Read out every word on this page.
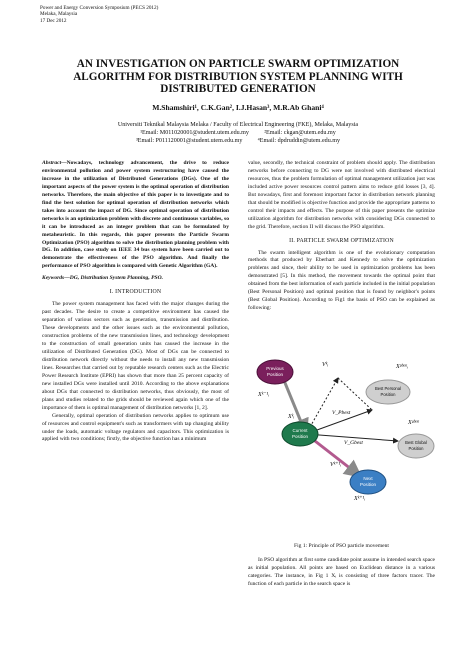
Power and Energy Conversion Symposium (PECS 2012)
Melaka, Malaysia
17 Dec 2012
AN INVESTIGATION ON PARTICLE SWARM OPTIMIZATION
ALGORITHM FOR DISTRIBUTION SYSTEM PLANNING WITH
DISTRIBUTED GENERATION
M.Shamshiri¹, C.K.Gan², I.J.Hasan³, M.R.Ab Ghani⁴
Universiti Teknikal Malaysia Melaka / Faculty of Electrical Engineering (FKE), Melaka, Malaysia
¹Email: M011020001@student.utem.edu.my          ²Email: ckgan@utem.edu.my
³Email: P011120001@student.utem.edu.my          ⁴Email: dpdruddin@utem.edu.my

Abstract—Nowadays, technology advancement, the drive to reduce environmental pollution and power system restructuring have caused the increase in the utilization of Distributed Generations (DGs). One of the important aspects of the power system is the optimal operation of distribution networks. Therefore, the main objective of this paper is to investigate and to find the best solution for optimal operation of distribution networks which takes into account the impact of DG. Since optimal operation of distribution networks is an optimization problem with discrete and continuous variables, so it can be introduced as an integer problem that can be formulated by metaheuristic. In this regards, this paper presents the Particle Swarm Optimization (PSO) algorithm to solve the distribution planning problem with DG. In addition, case study on IEEE 34 bus system have been carried out to demonstrate the effectiveness of the PSO algorithm. And finally the performance of PSO algorithm is compared with Genetic Algorithm (GA).

Keywords—DG, Distribution System Planning, PSO.

I. INTRODUCTION

The power system management has faced with the major changes during the past decades. The desire to create a competitive environment has caused the separation of various sectors such as generation, transmission and distribution. These developments and the other issues such as the environmental pollution, construction problems of the new transmission lines, and technology development to the construction of small generation units has caused the increase in the utilization of Distributed Generation (DG). Most of DGs can be connected to distribution network directly without the needs to install any new transmission lines. Researches that carried out by reputable research centers such as the Electric Power Research Institute (EPRI) has shown that more than 25 percent capacity of new installed DGs were installed until 2010. According to the above explanations about DGs that connected to distribution networks, thus obviously, the most of plans and studies related to the grids should be reviewed again which one of the importance of them is optimal management of distribution networks [1, 2].

Generally, optimal operation of distribution networks applies to optimum use of resources and control equipment's such as transformers with tap changing ability under the loads, automatic voltage regulators and capacitors. This optimization is applied with two conditions; firstly, the objective function has a minimum

value, secondly, the technical constraint of problem should apply. The distribution networks before connecting to DG were not involved with distributed electrical resources, thus the problem formulation of optimal management utilization just was included active power resources control pattern aims to reduce grid losses [3, 4]. But nowadays, first and foremost important factor in distribution network planning that should be modified is objective function and provide the appropriate patterns to control their impacts and effects. The purpose of this paper presents the optimize utilization algorithm for distribution networks with considering DGs connected to the grid. Therefore, section II will discuss the PSO algorithm.

II. PARTICLE SWARM OPTIMIZATION

The swarm intelligent algorithm is one of the evolutionary computation methods that produced by Eberhart and Kennedy to solve the optimization problems and since, their ability to be used in optimization problems has been demonstrated [5]. In this method, the movement towards the optimal point that obtained from the best information of each particle included in the initial population (Best Personal Position) and optimal position that is found by neighbor's points (Best Global Position). According to Fig1 the basis of PSO can be explained as following:

Previous
Position
Current
Position
Next
Position
Best Personal
Position
Best Global
Position
Xᵏᵢ
Xᵏ⁻¹ᵢ
Xᵏ⁺¹ᵢ
Vᵏᵢ
Vᵏ⁺¹ᵢ
V_Pbest
V_Gbest
Xᵖᵇᵉˢᵗᵢ
Xᵍᵇᵉˢᵗ

Fig 1: Principle of PSO particle movement

In PSO algorithm at first some candidate point assume in intended search space as initial population. All points are based on Euclidean distance in a various categories. The instance, in Fig 1 Xᵢ is consisting of three factors tracer. The function of each particle in the search space is
